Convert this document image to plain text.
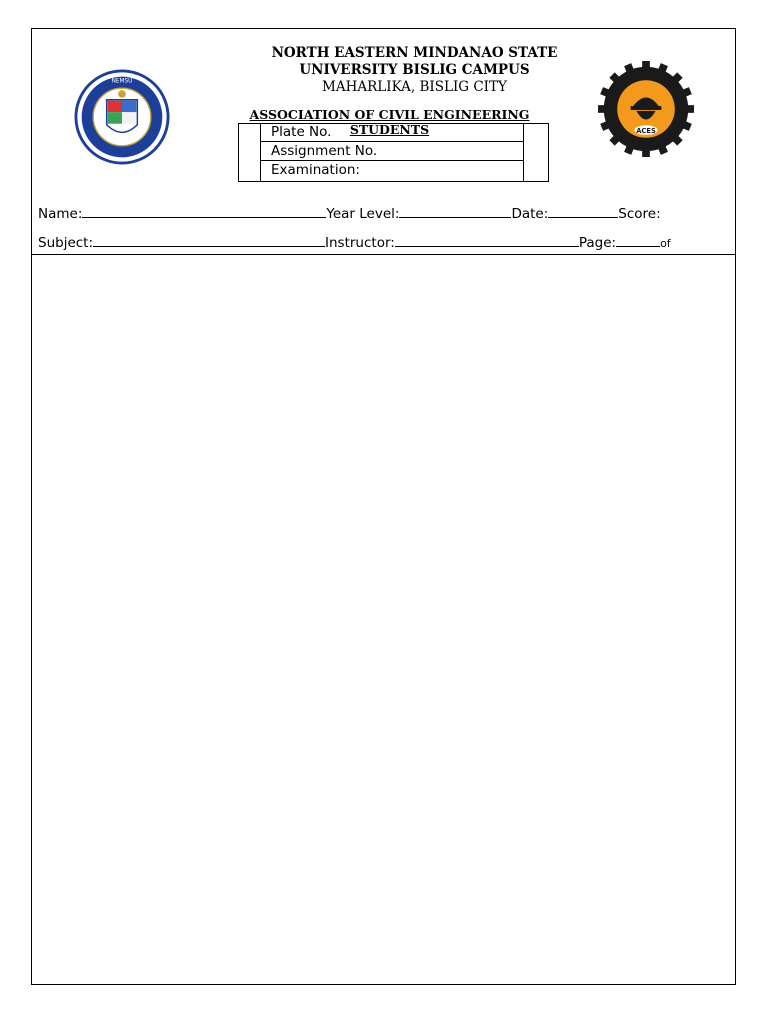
NEMSU
ACES
NORTH EASTERN MINDANAO STATE
UNIVERSITY BISLIG CAMPUS
MAHARLIKA, BISLIG CITY
ASSOCIATION OF CIVIL ENGINEERING STUDENTS
Plate No.
Assignment No.
Examination:
Name:	Year Level:	Date:	Score:
Subject:	Instructor:	Page:	of
